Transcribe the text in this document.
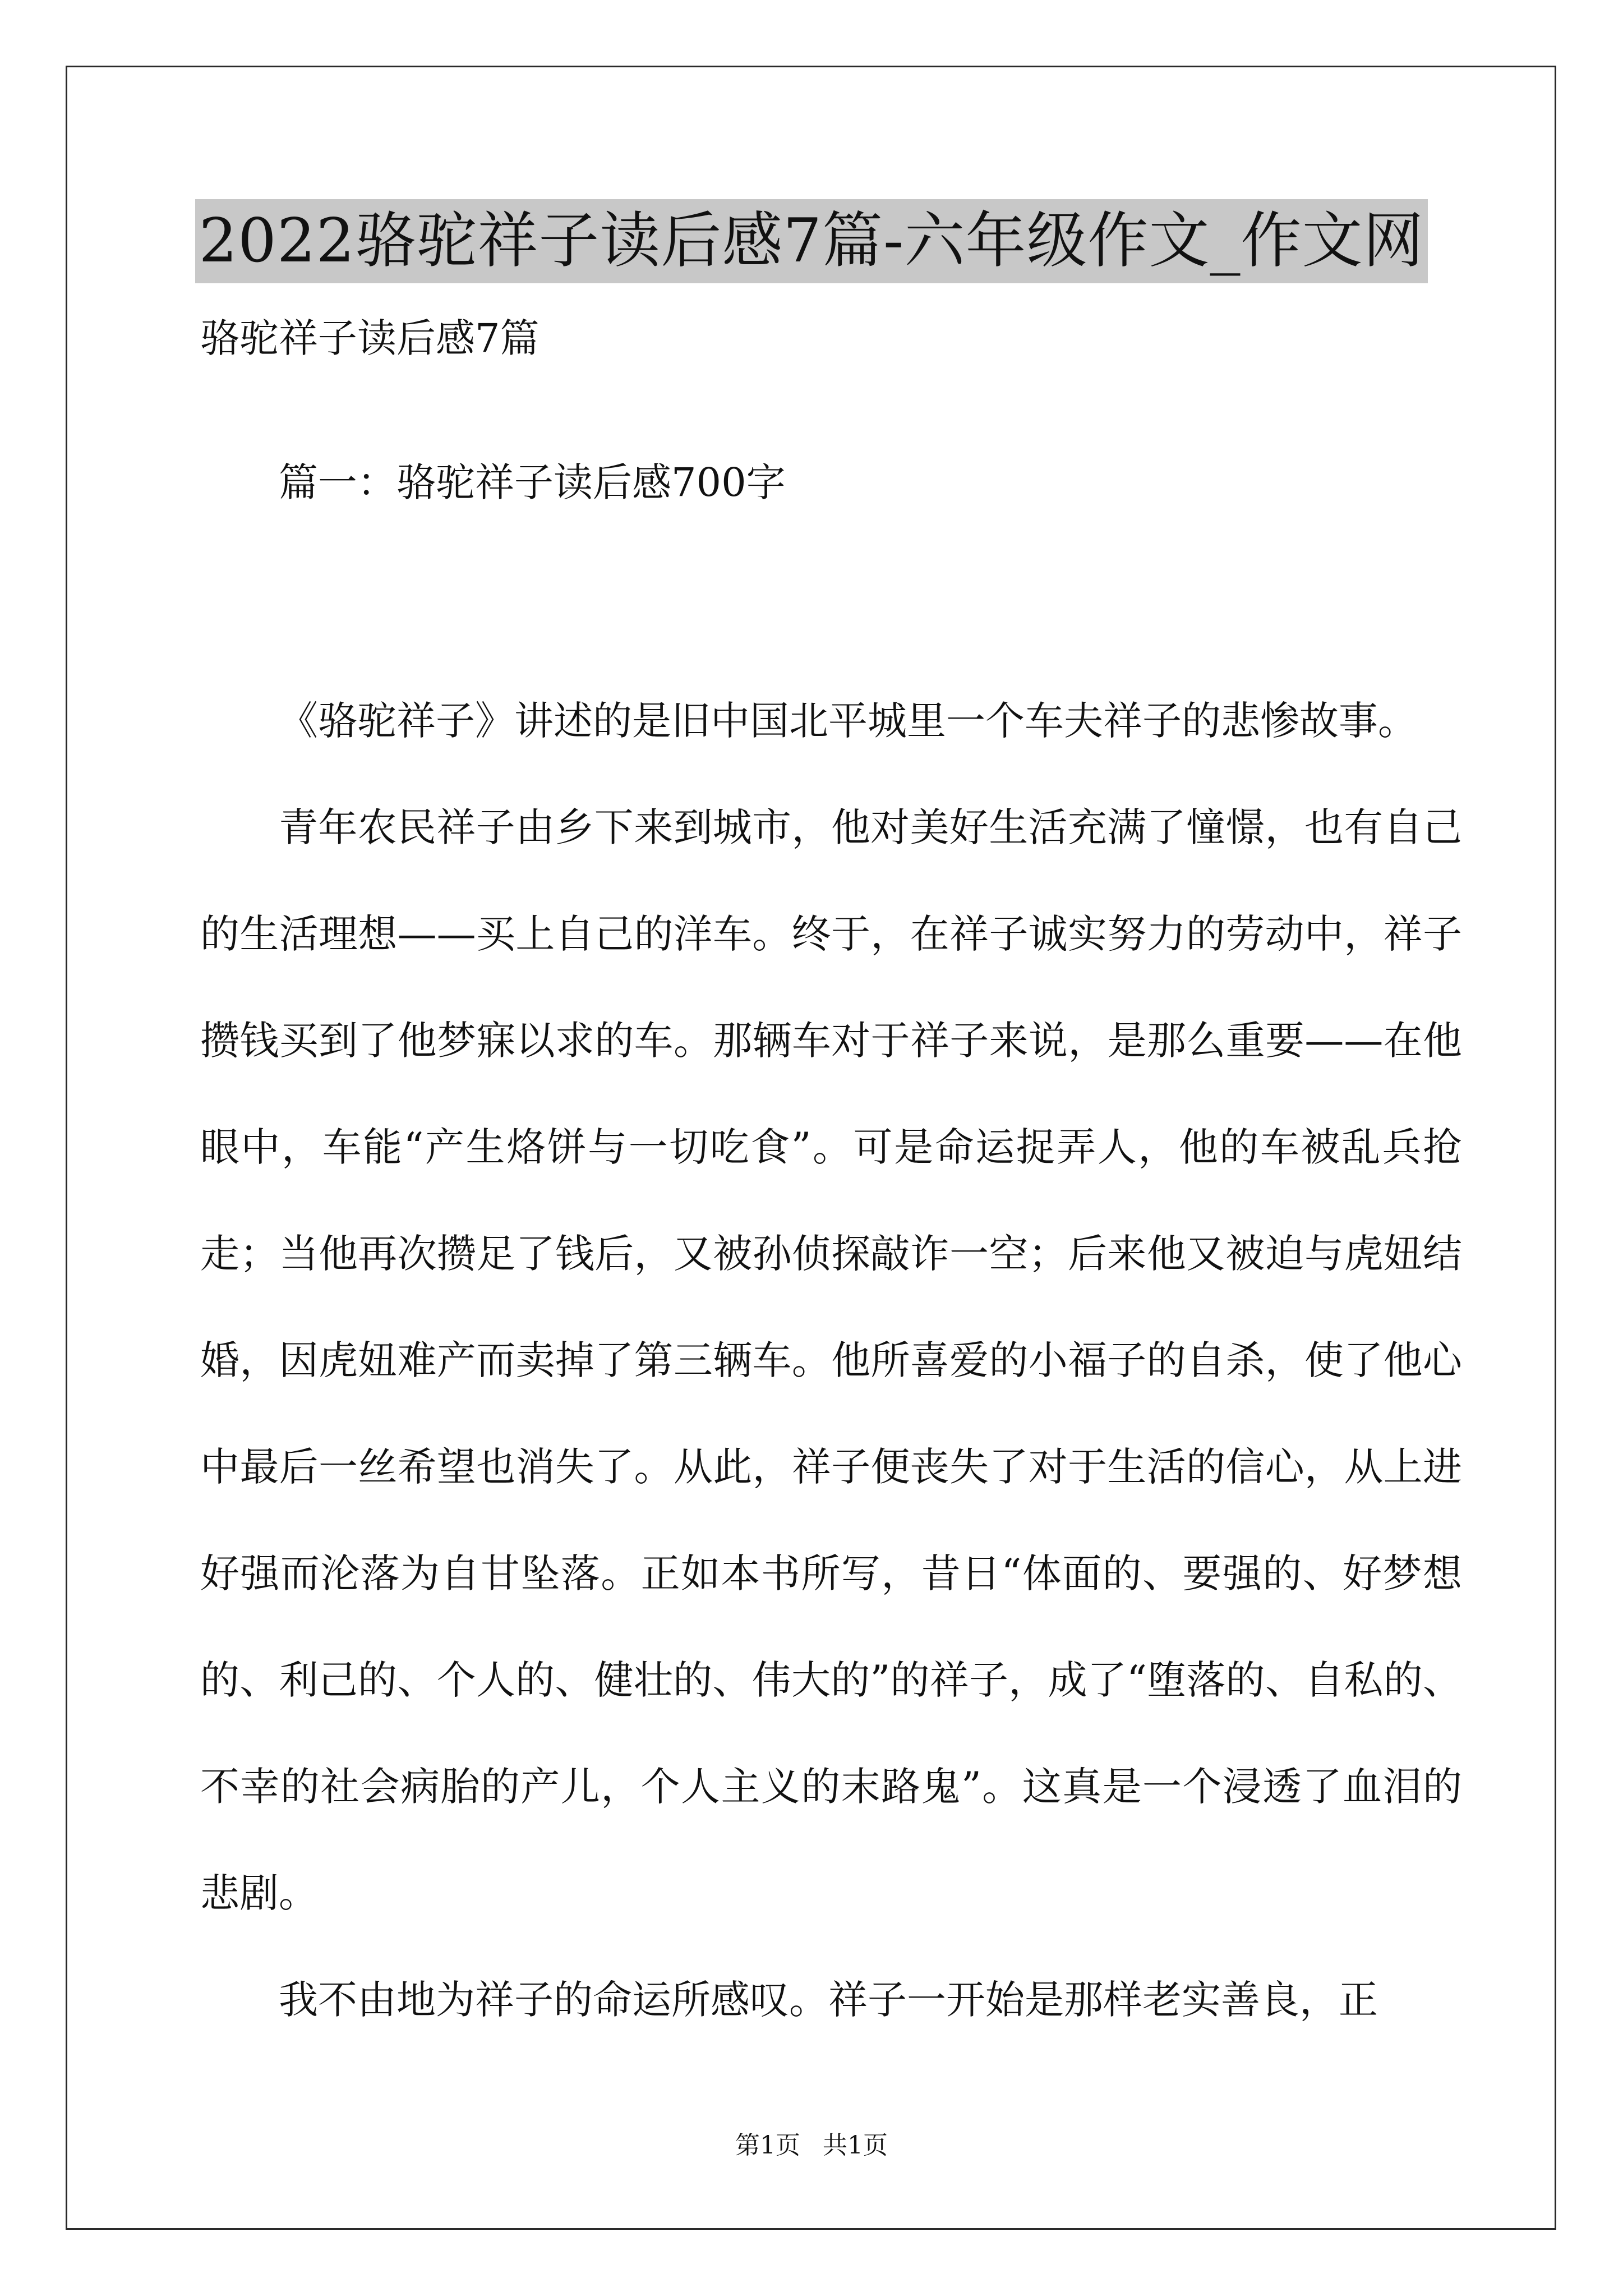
2022骆驼祥子读后感7篇-六年级作文_作文网
骆驼祥子读后感7篇
篇一：骆驼祥子读后感700字

《骆驼祥子》讲述的是旧中国北平城里一个车夫祥子的悲惨故事。

青年农民祥子由乡下来到城市，他对美好生活充满了憧憬，也有自己的生活理想——买上自己的洋车。终于，在祥子诚实努力的劳动中，祥子攒钱买到了他梦寐以求的车。那辆车对于祥子来说，是那么重要——在他眼中，车能“产生烙饼与一切吃食”。可是命运捉弄人，他的车被乱兵抢走；当他再次攒足了钱后，又被孙侦探敲诈一空；后来他又被迫与虎妞结婚，因虎妞难产而卖掉了第三辆车。他所喜爱的小福子的自杀，使了他心中最后一丝希望也消失了。从此，祥子便丧失了对于生活的信心，从上进好强而沦落为自甘坠落。正如本书所写，昔日“体面的、要强的、好梦想的、利己的、个人的、健壮的、伟大的”的祥子，成了“堕落的、自私的、不幸的社会病胎的产儿，个人主义的末路鬼”。这真是一个浸透了血泪的悲剧。

我不由地为祥子的命运所感叹。祥子一开始是那样老实善良，正

第1页 共1页
